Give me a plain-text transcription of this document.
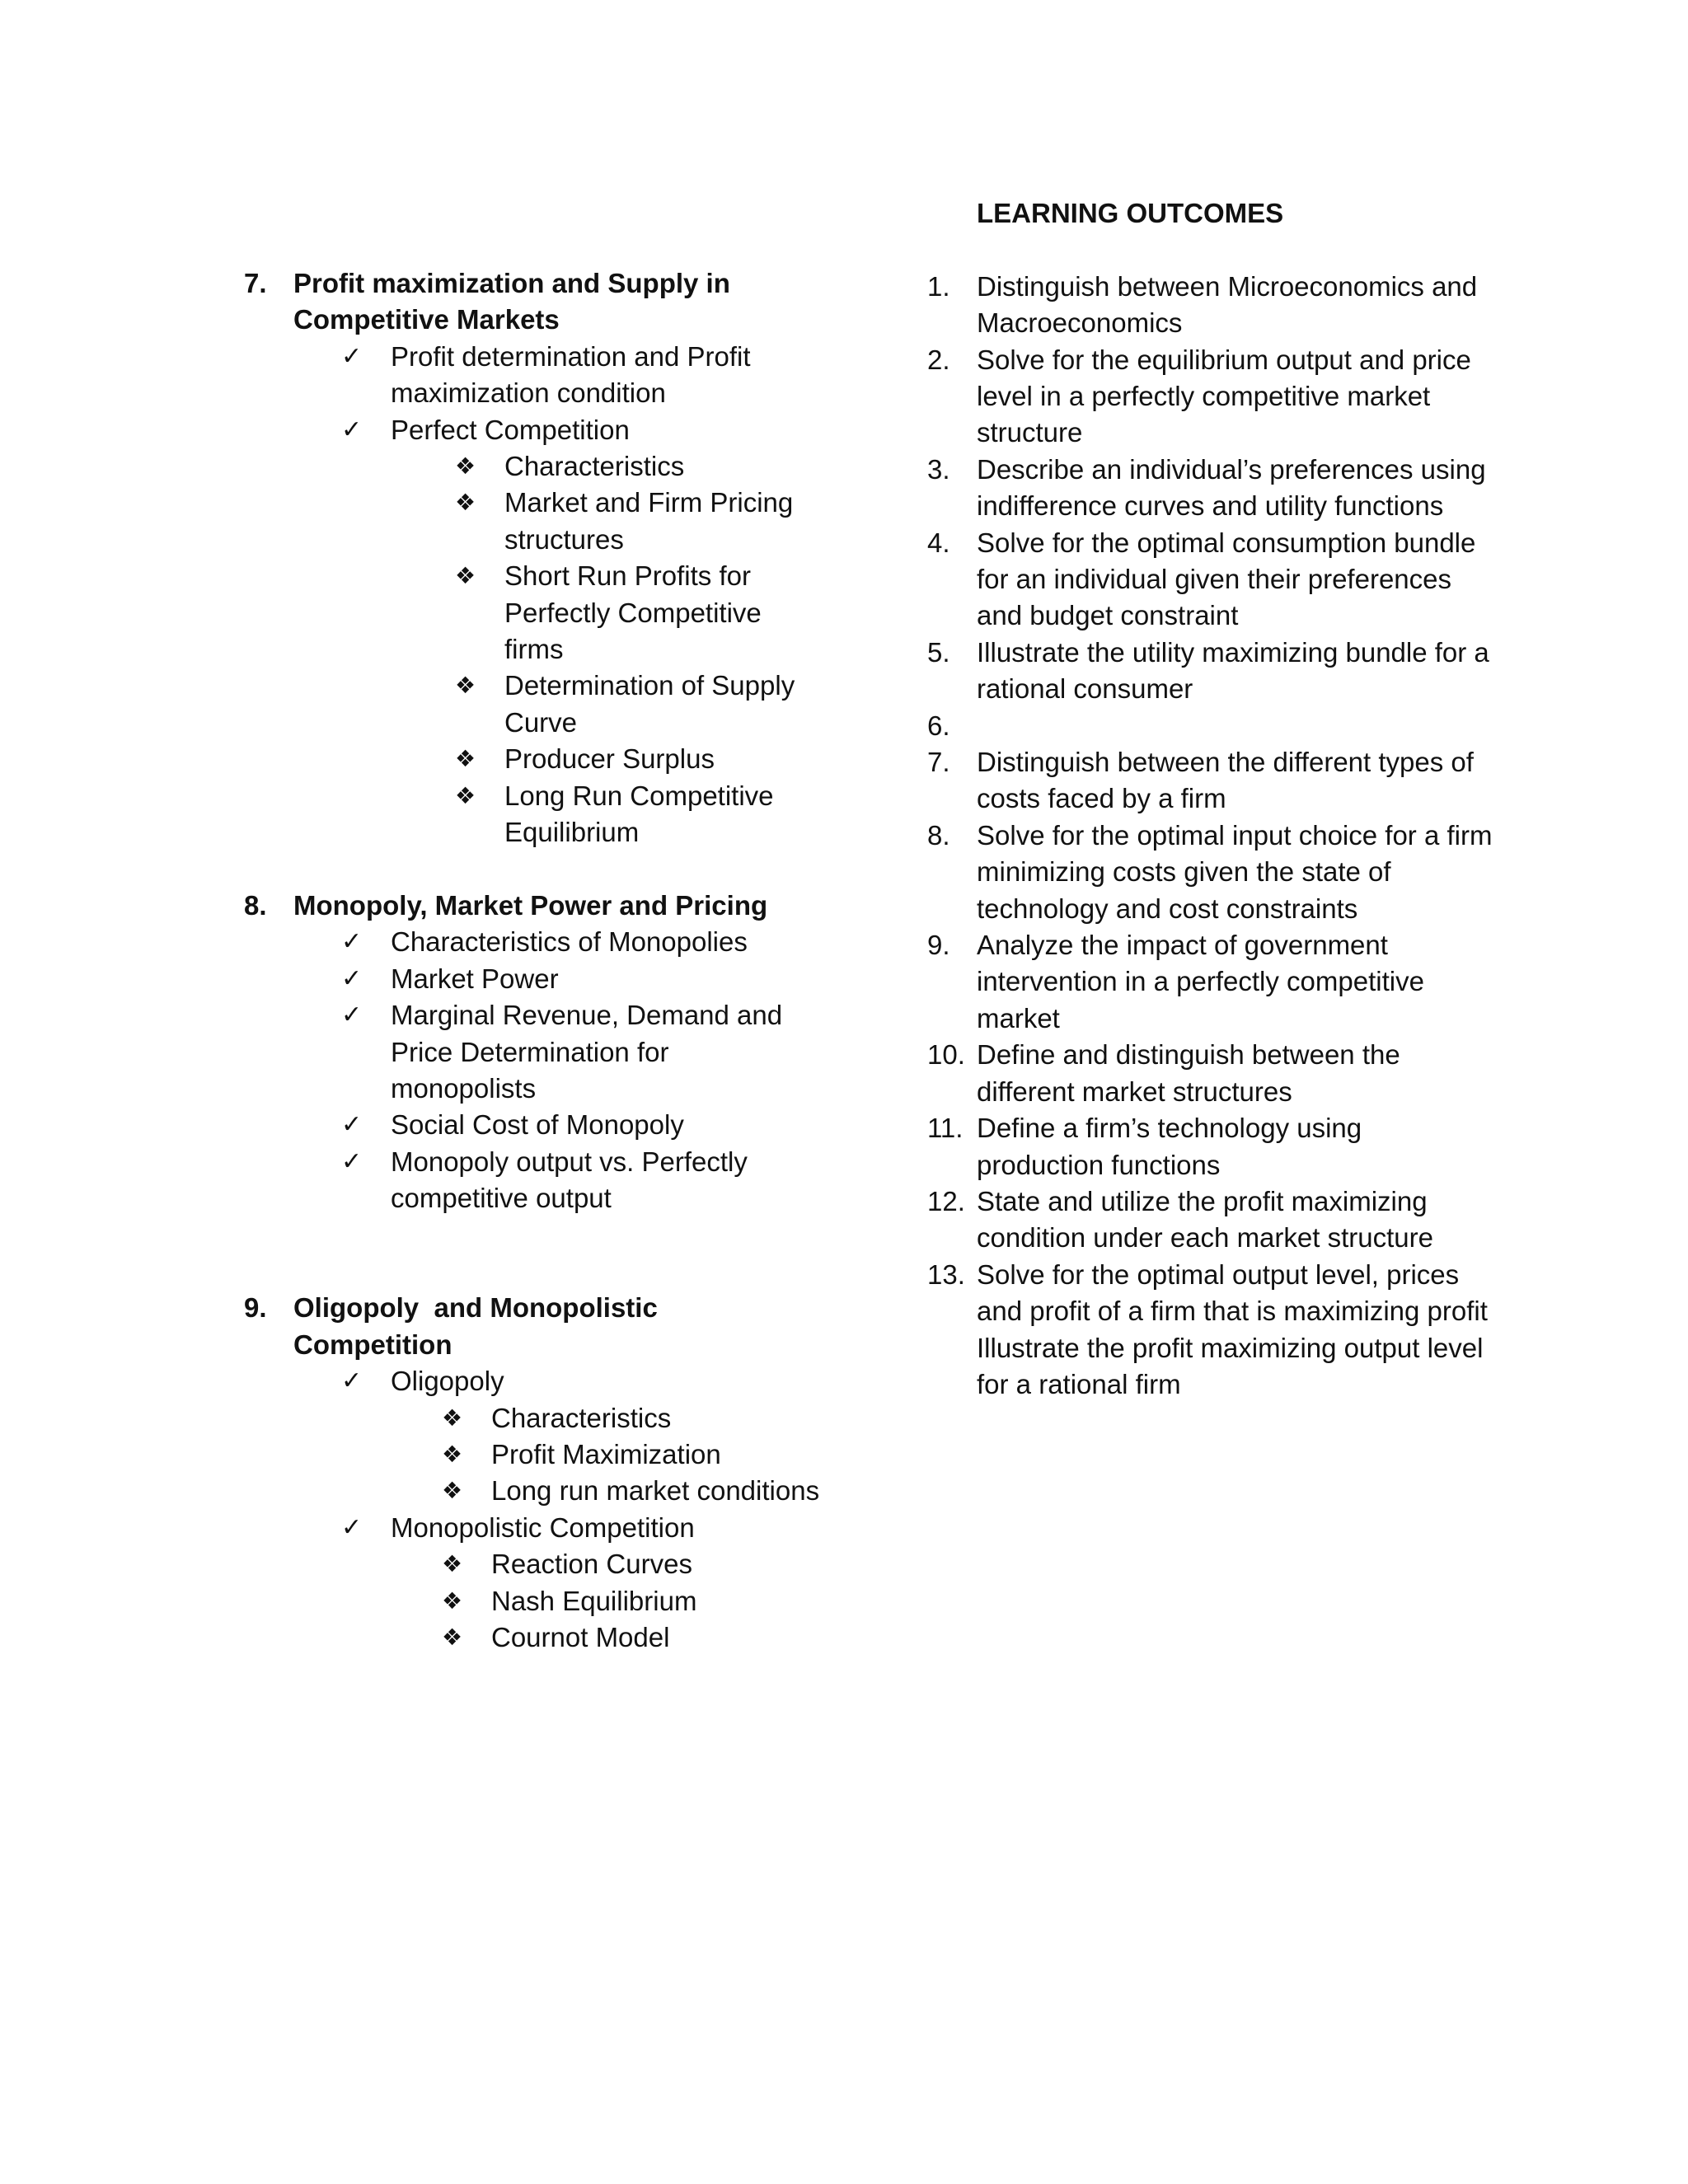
7. Profit maximization and Supply in Competitive Markets
✓	Profit determination and Profit maximization condition
✓	Perfect Competition
❖	Characteristics
❖	Market and Firm Pricing structures
❖	Short Run Profits for Perfectly Competitive firms
❖	Determination of Supply Curve
❖	Producer Surplus
❖	Long Run Competitive Equilibrium
8. Monopoly, Market Power and Pricing
✓	Characteristics of Monopolies
✓	Market Power
✓	Marginal Revenue, Demand and Price Determination for monopolists
✓	Social Cost of Monopoly
✓	Monopoly output vs. Perfectly competitive output
9. Oligopoly  and Monopolistic Competition
✓	Oligopoly
❖	Characteristics
❖	Profit Maximization
❖	Long run market conditions
✓	Monopolistic Competition
❖	Reaction Curves
❖	Nash Equilibrium
❖	Cournot Model
LEARNING OUTCOMES
1. Distinguish between Microeconomics and Macroeconomics
2. Solve for the equilibrium output and price level in a perfectly competitive market structure
3. Describe an individual’s preferences using indifference curves and utility functions
4. Solve for the optimal consumption bundle for an individual given their preferences and budget constraint
5. Illustrate the utility maximizing bundle for a rational consumer
6.
7. Distinguish between the different types of costs faced by a firm
8. Solve for the optimal input choice for a firm minimizing costs given the state of technology and cost constraints
9. Analyze the impact of government intervention in a perfectly competitive market
10. Define and distinguish between the different market structures
11. Define a firm’s technology using production functions
12. State and utilize the profit maximizing condition under each market structure
13. Solve for the optimal output level, prices and profit of a firm that is maximizing profit
Illustrate the profit maximizing output level for a rational firm
